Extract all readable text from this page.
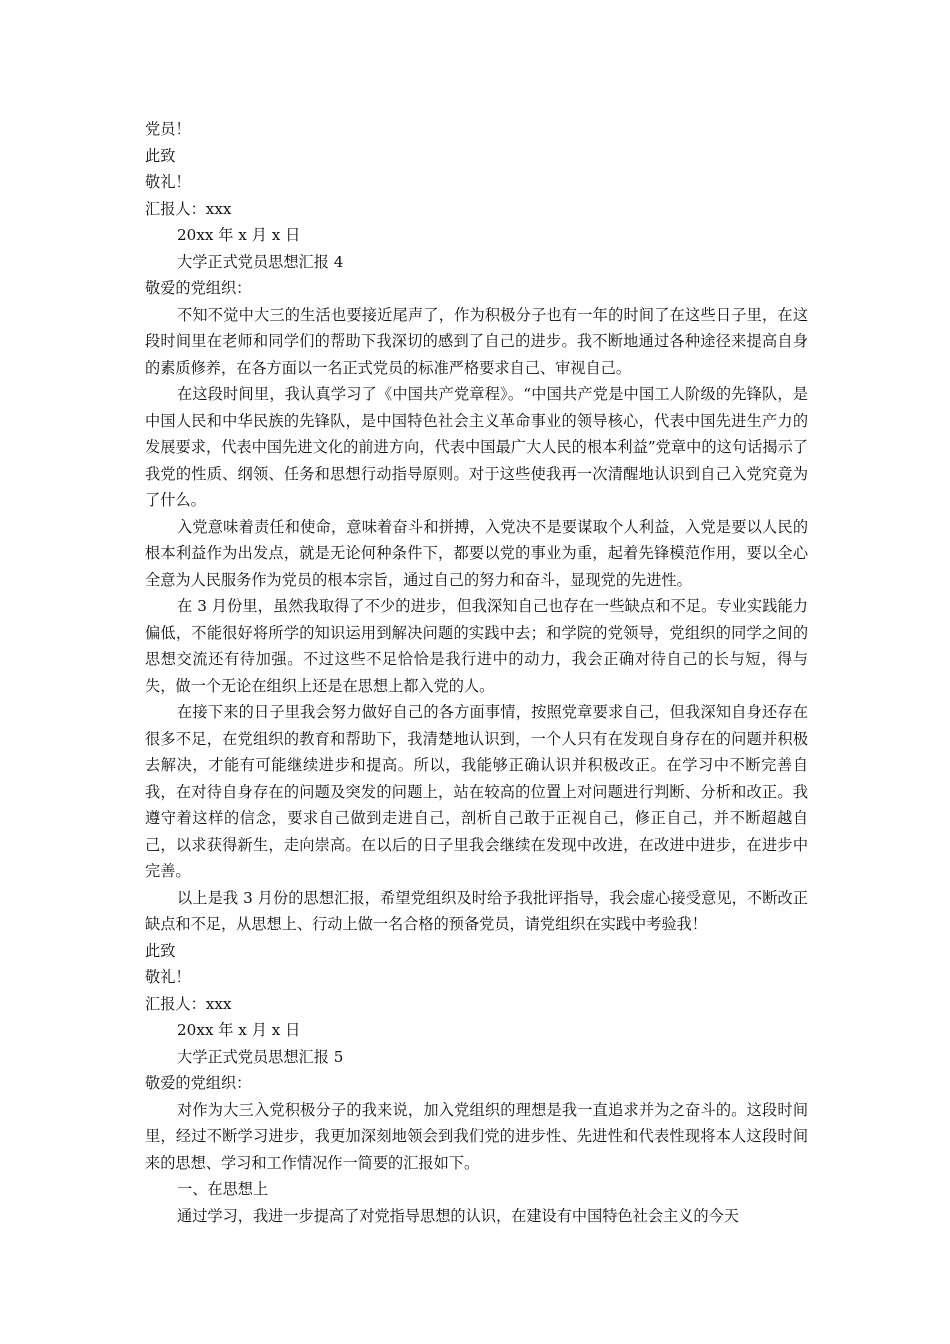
党员！
此致
敬礼！
汇报人：xxx
20xx 年 x 月 x 日
大学正式党员思想汇报 4
敬爱的党组织：
不知不觉中大三的生活也要接近尾声了，作为积极分子也有一年的时间了在这些日子里，在这段时间里在老师和同学们的帮助下我深切的感到了自己的进步。我不断地通过各种途径来提高自身的素质修养，在各方面以一名正式党员的标准严格要求自己、审视自己。
在这段时间里，我认真学习了《中国共产党章程》。“中国共产党是中国工人阶级的先锋队，是中国人民和中华民族的先锋队，是中国特色社会主义革命事业的领导核心，代表中国先进生产力的发展要求，代表中国先进文化的前进方向，代表中国最广大人民的根本利益”党章中的这句话揭示了我党的性质、纲领、任务和思想行动指导原则。对于这些使我再一次清醒地认识到自己入党究竟为了什么。
入党意味着责任和使命，意味着奋斗和拼搏，入党决不是要谋取个人利益，入党是要以人民的根本利益作为出发点，就是无论何种条件下，都要以党的事业为重，起着先锋模范作用，要以全心全意为人民服务作为党员的根本宗旨，通过自己的努力和奋斗，显现党的先进性。
在 3 月份里，虽然我取得了不少的进步，但我深知自己也存在一些缺点和不足。专业实践能力偏低，不能很好将所学的知识运用到解决问题的实践中去；和学院的党领导，党组织的同学之间的思想交流还有待加强。不过这些不足恰恰是我行进中的动力，我会正确对待自己的长与短，得与失，做一个无论在组织上还是在思想上都入党的人。
在接下来的日子里我会努力做好自己的各方面事情，按照党章要求自己，但我深知自身还存在很多不足，在党组织的教育和帮助下，我清楚地认识到，一个人只有在发现自身存在的问题并积极去解决，才能有可能继续进步和提高。所以，我能够正确认识并积极改正。在学习中不断完善自我，在对待自身存在的问题及突发的问题上，站在较高的位置上对问题进行判断、分析和改正。我遵守着这样的信念，要求自己做到走进自己，剖析自己敢于正视自己，修正自己，并不断超越自己，以求获得新生，走向崇高。在以后的日子里我会继续在发现中改进，在改进中进步，在进步中完善。
以上是我 3 月份的思想汇报，希望党组织及时给予我批评指导，我会虚心接受意见，不断改正缺点和不足，从思想上、行动上做一名合格的预备党员，请党组织在实践中考验我！
此致
敬礼！
汇报人：xxx
20xx 年 x 月 x 日
大学正式党员思想汇报 5
敬爱的党组织：
对作为大三入党积极分子的我来说，加入党组织的理想是我一直追求并为之奋斗的。这段时间里，经过不断学习进步，我更加深刻地领会到我们党的进步性、先进性和代表性现将本人这段时间来的思想、学习和工作情况作一简要的汇报如下。
一、在思想上
通过学习，我进一步提高了对党指导思想的认识，在建设有中国特色社会主义的今天
